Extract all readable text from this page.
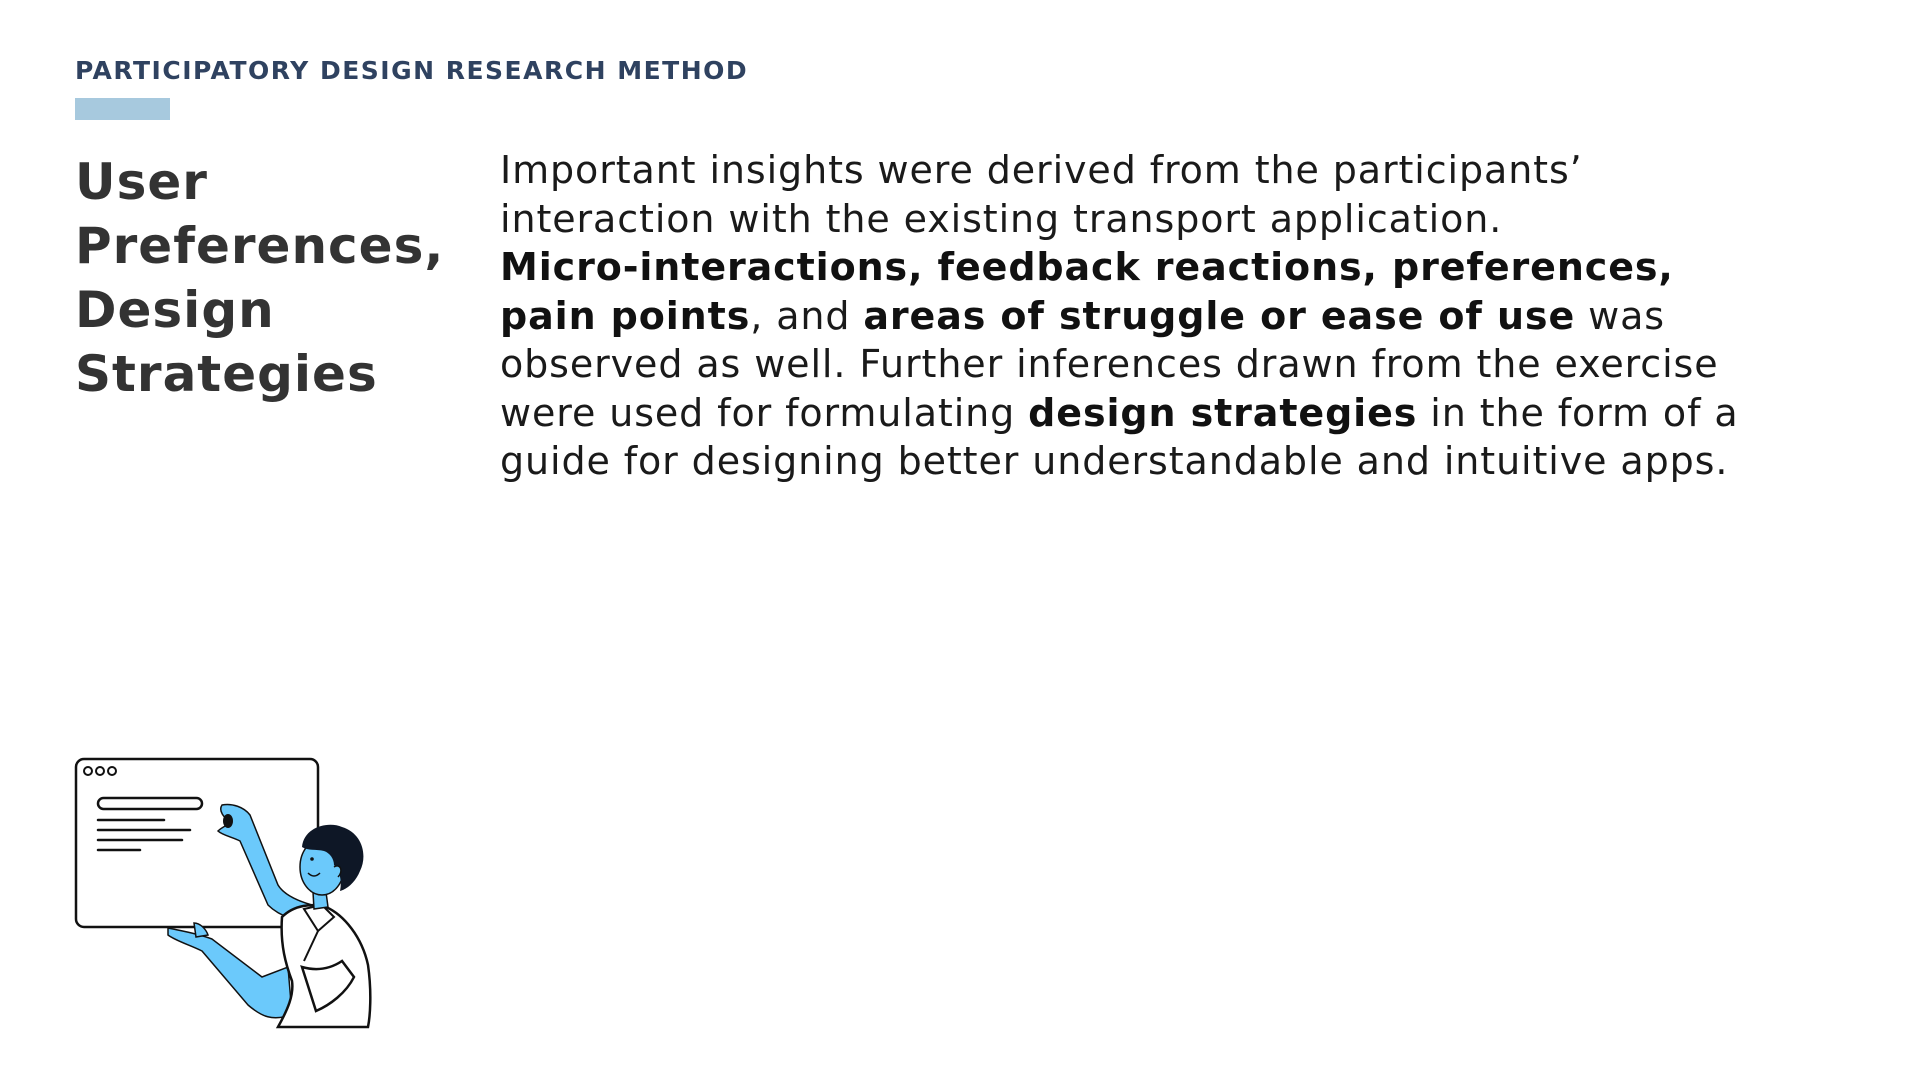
PARTICIPATORY DESIGN RESEARCH METHOD
User
Preferences,
Design
Strategies

Important insights were derived from the participants’
interaction with the existing transport application.
Micro-interactions, feedback reactions, preferences,
pain points, and areas of struggle or ease of use was
observed as well. Further inferences drawn from the exercise
were used for formulating design strategies in the form of a
guide for designing better understandable and intuitive apps.
